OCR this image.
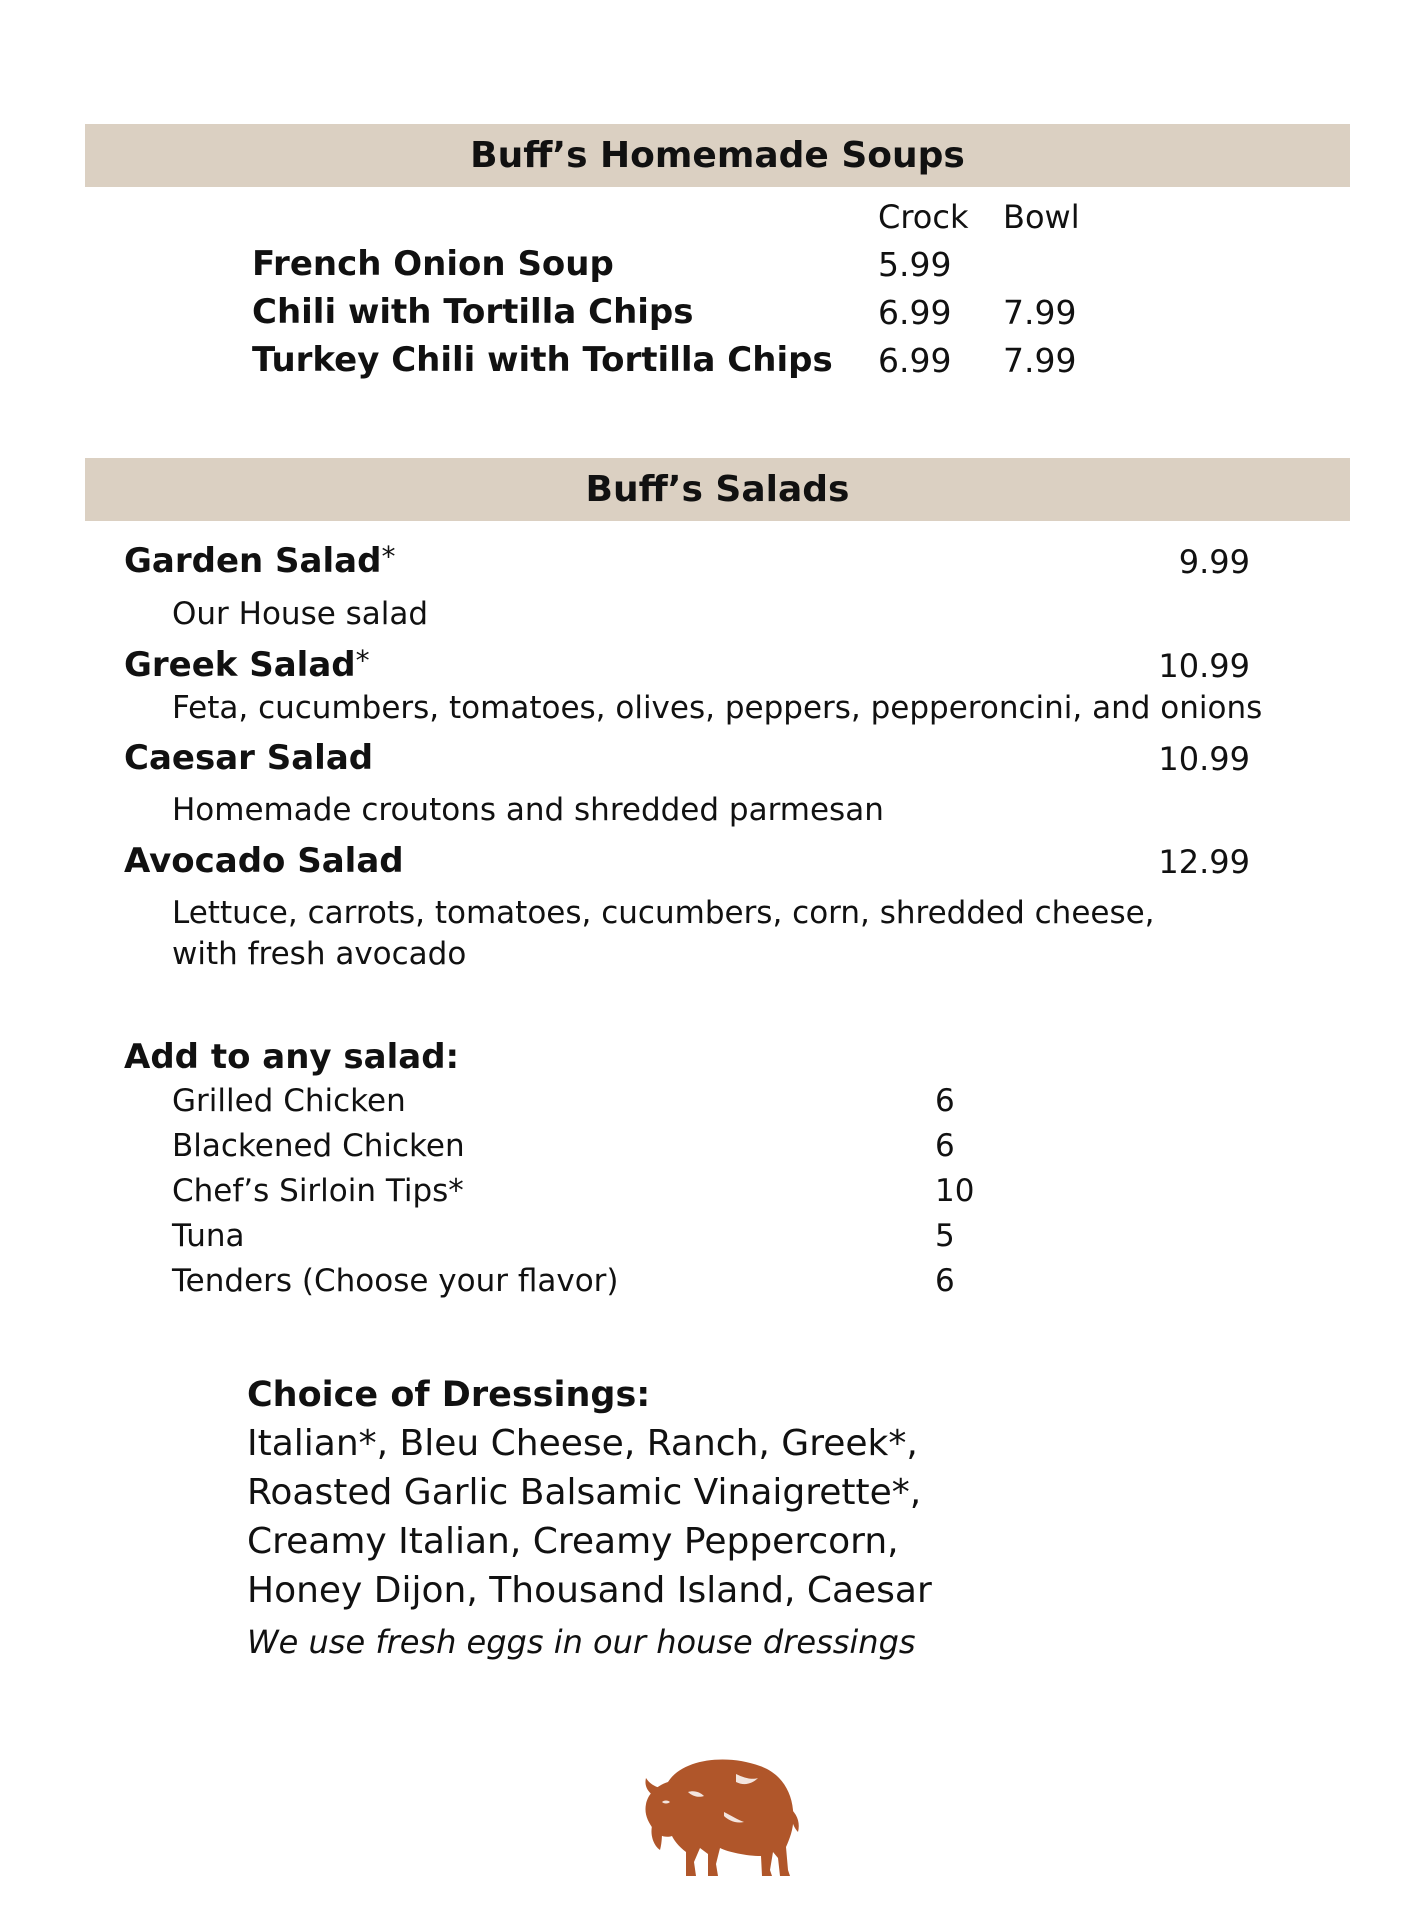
Buff’s Homemade Soups
Crock Bowl
French Onion Soup	5.99
Chili with Tortilla Chips	6.99 7.99
Turkey Chili with Tortilla Chips 6.99 7.99
Buff’s Salads
Garden Salad*	9.99
Our House salad
Greek Salad*	10.99
Feta, cucumbers, tomatoes, olives, peppers, pepperoncini, and onions
Caesar Salad	10.99
Homemade croutons and shredded parmesan
Avocado Salad	12.99
Lettuce, carrots, tomatoes, cucumbers, corn, shredded cheese,
with fresh avocado
Add to any salad:
Grilled Chicken	6
Blackened Chicken	6
Chef’s Sirloin Tips*	10
Tuna	5
Tenders (Choose your flavor)	6
Choice of Dressings:
Italian*, Bleu Cheese, Ranch, Greek*,
Roasted Garlic Balsamic Vinaigrette*,
Creamy Italian, Creamy Peppercorn,
Honey Dijon, Thousand Island, Caesar
We use fresh eggs in our house dressings
